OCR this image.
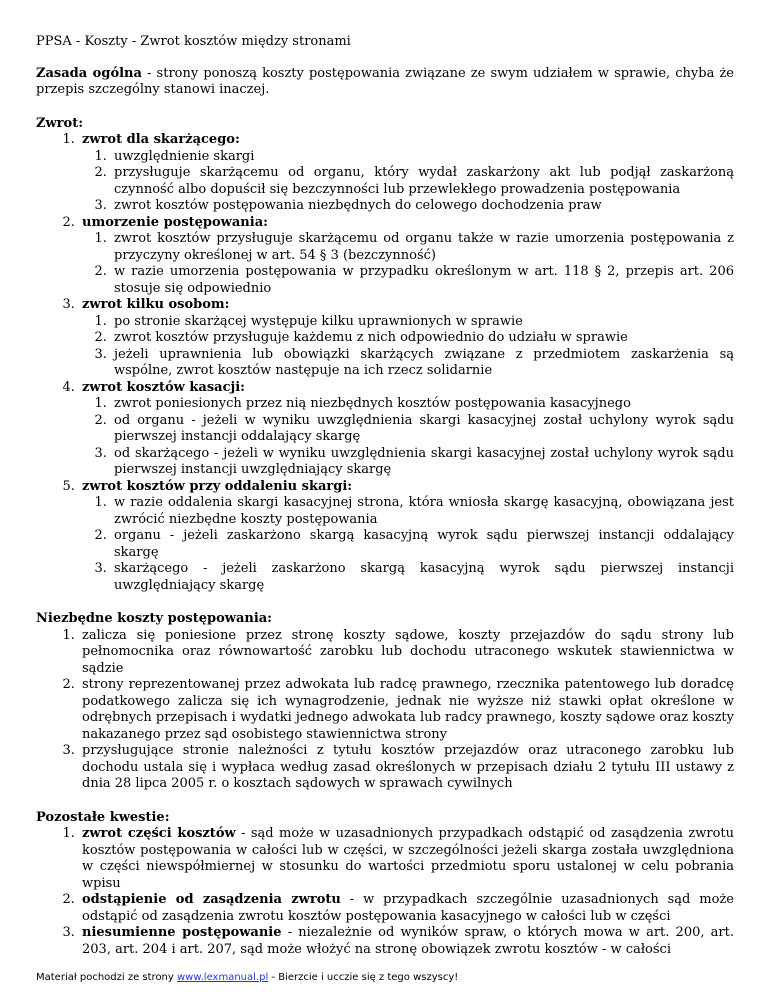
PPSA - Koszty - Zwrot kosztów między stronami
Zasada ogólna - strony ponoszą koszty postępowania związane ze swym udziałem w sprawie, chyba że przepis szczególny stanowi inaczej.
Zwrot:
1. zwrot dla skarżącego:
1. uwzględnienie skargi
2. przysługuje skarżącemu od organu, który wydał zaskarżony akt lub podjął zaskarżoną czynność albo dopuścił się bezczynności lub przewlekłego prowadzenia postępowania
3. zwrot kosztów postępowania niezbędnych do celowego dochodzenia praw
2. umorzenie postępowania:
1. zwrot kosztów przysługuje skarżącemu od organu także w razie umorzenia postępowania z przyczyny określonej w art. 54 § 3 (bezczynność)
2. w razie umorzenia postępowania w przypadku określonym w art. 118 § 2, przepis art. 206 stosuje się odpowiednio
3. zwrot kilku osobom:
1. po stronie skarżącej występuje kilku uprawnionych w sprawie
2. zwrot kosztów przysługuje każdemu z nich odpowiednio do udziału w sprawie
3. jeżeli uprawnienia lub obowiązki skarżących związane z przedmiotem zaskarżenia są wspólne, zwrot kosztów następuje na ich rzecz solidarnie
4. zwrot kosztów kasacji:
1. zwrot poniesionych przez nią niezbędnych kosztów postępowania kasacyjnego
2. od organu - jeżeli w wyniku uwzględnienia skargi kasacyjnej został uchylony wyrok sądu pierwszej instancji oddalający skargę
3. od skarżącego - jeżeli w wyniku uwzględnienia skargi kasacyjnej został uchylony wyrok sądu pierwszej instancji uwzględniający skargę
5. zwrot kosztów przy oddaleniu skargi:
1. w razie oddalenia skargi kasacyjnej strona, która wniosła skargę kasacyjną, obowiązana jest zwrócić niezbędne koszty postępowania
2. organu - jeżeli zaskarżono skargą kasacyjną wyrok sądu pierwszej instancji oddalający skargę
3. skarżącego - jeżeli zaskarżono skargą kasacyjną wyrok sądu pierwszej instancji uwzględniający skargę
Niezbędne koszty postępowania:
1. zalicza się poniesione przez stronę koszty sądowe, koszty przejazdów do sądu strony lub pełnomocnika oraz równowartość zarobku lub dochodu utraconego wskutek stawiennictwa w sądzie
2. strony reprezentowanej przez adwokata lub radcę prawnego, rzecznika patentowego lub doradcę podatkowego zalicza się ich wynagrodzenie, jednak nie wyższe niż stawki opłat określone w odrębnych przepisach i wydatki jednego adwokata lub radcy prawnego, koszty sądowe oraz koszty nakazanego przez sąd osobistego stawiennictwa strony
3. przysługujące stronie należności z tytułu kosztów przejazdów oraz utraconego zarobku lub dochodu ustala się i wypłaca według zasad określonych w przepisach działu 2 tytułu III ustawy z dnia 28 lipca 2005 r. o kosztach sądowych w sprawach cywilnych
Pozostałe kwestie:
1. zwrot części kosztów - sąd może w uzasadnionych przypadkach odstąpić od zasądzenia zwrotu kosztów postępowania w całości lub w części, w szczególności jeżeli skarga została uwzględniona w części niewspółmiernej w stosunku do wartości przedmiotu sporu ustalonej w celu pobrania wpisu
2. odstąpienie od zasądzenia zwrotu - w przypadkach szczególnie uzasadnionych sąd może odstąpić od zasądzenia zwrotu kosztów postępowania kasacyjnego w całości lub w części
3. niesumienne postępowanie - niezależnie od wyników spraw, o których mowa w art. 200, art. 203, art. 204 i art. 207, sąd może włożyć na stronę obowiązek zwrotu kosztów - w całości
Materiał pochodzi ze strony www.lexmanual.pl - Bierzcie i ucczie się z tego wszyscy!
